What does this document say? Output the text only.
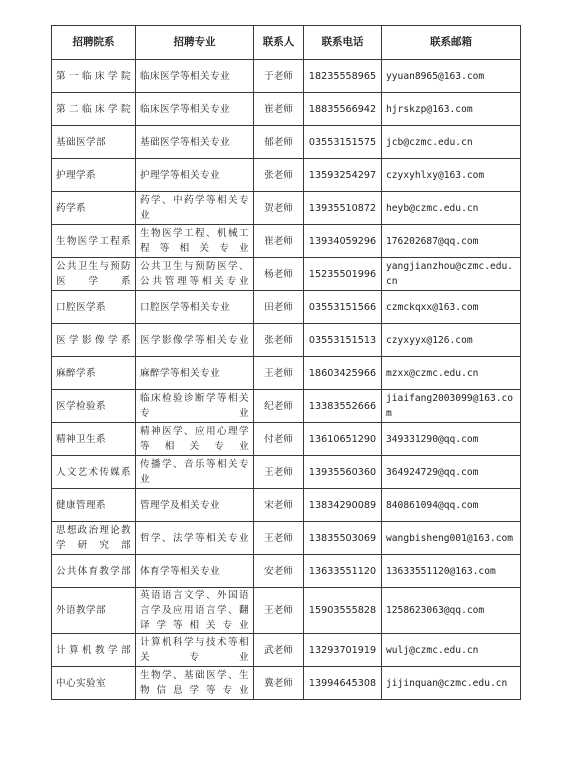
招聘院系	招聘专业	联系人	联系电话	联系邮箱
第一临床学院	临床医学等相关专业	于老师	18235558965	yyuan8965@163.com
第二临床学院	临床医学等相关专业	崔老师	18835566942	hjrskzp@163.com
基础医学部	基础医学等相关专业	郁老师	03553151575	jcb@czmc.edu.cn
护理学系	护理学等相关专业	张老师	13593254297	czyxyhlxy@163.com
药学系	药学、中药学等相关专业	贺老师	13935510872	heyb@czmc.edu.cn
生物医学工程系	生物医学工程、机械工程等相关专业	崔老师	13934059296	176202687@qq.com
公共卫生与预防医学系	公共卫生与预防医学、公共管理等相关专业	杨老师	15235501996	yangjianzhou@czmc.edu.cn
口腔医学系	口腔医学等相关专业	田老师	03553151566	czmckqxx@163.com
医学影像学系	医学影像学等相关专业	张老师	03553151513	czyxyyx@126.com
麻醉学系	麻醉学等相关专业	王老师	18603425966	mzxx@czmc.edu.cn
医学检验系	临床检验诊断学等相关专业	纪老师	13383552666	jiaifang2003099@163.com
精神卫生系	精神医学、应用心理学等相关专业	付老师	13610651290	349331290@qq.com
人文艺术传媒系	传播学、音乐等相关专业	王老师	13935560360	364924729@qq.com
健康管理系	管理学及相关专业	宋老师	13834290089	840861094@qq.com
思想政治理论教学研究部	哲学、法学等相关专业	王老师	13835503069	wangbisheng001@163.com
公共体育教学部	体育学等相关专业	安老师	13633551120	13633551120@163.com
外语教学部	英语语言文学、外国语言学及应用语言学、翻译学等相关专业	王老师	15903555828	1258623063@qq.com
计算机教学部	计算机科学与技术等相关专业	武老师	13293701919	wulj@czmc.edu.cn
中心实验室	生物学、基础医学、生物信息学等专业	冀老师	13994645308	jijinquan@czmc.edu.cn
